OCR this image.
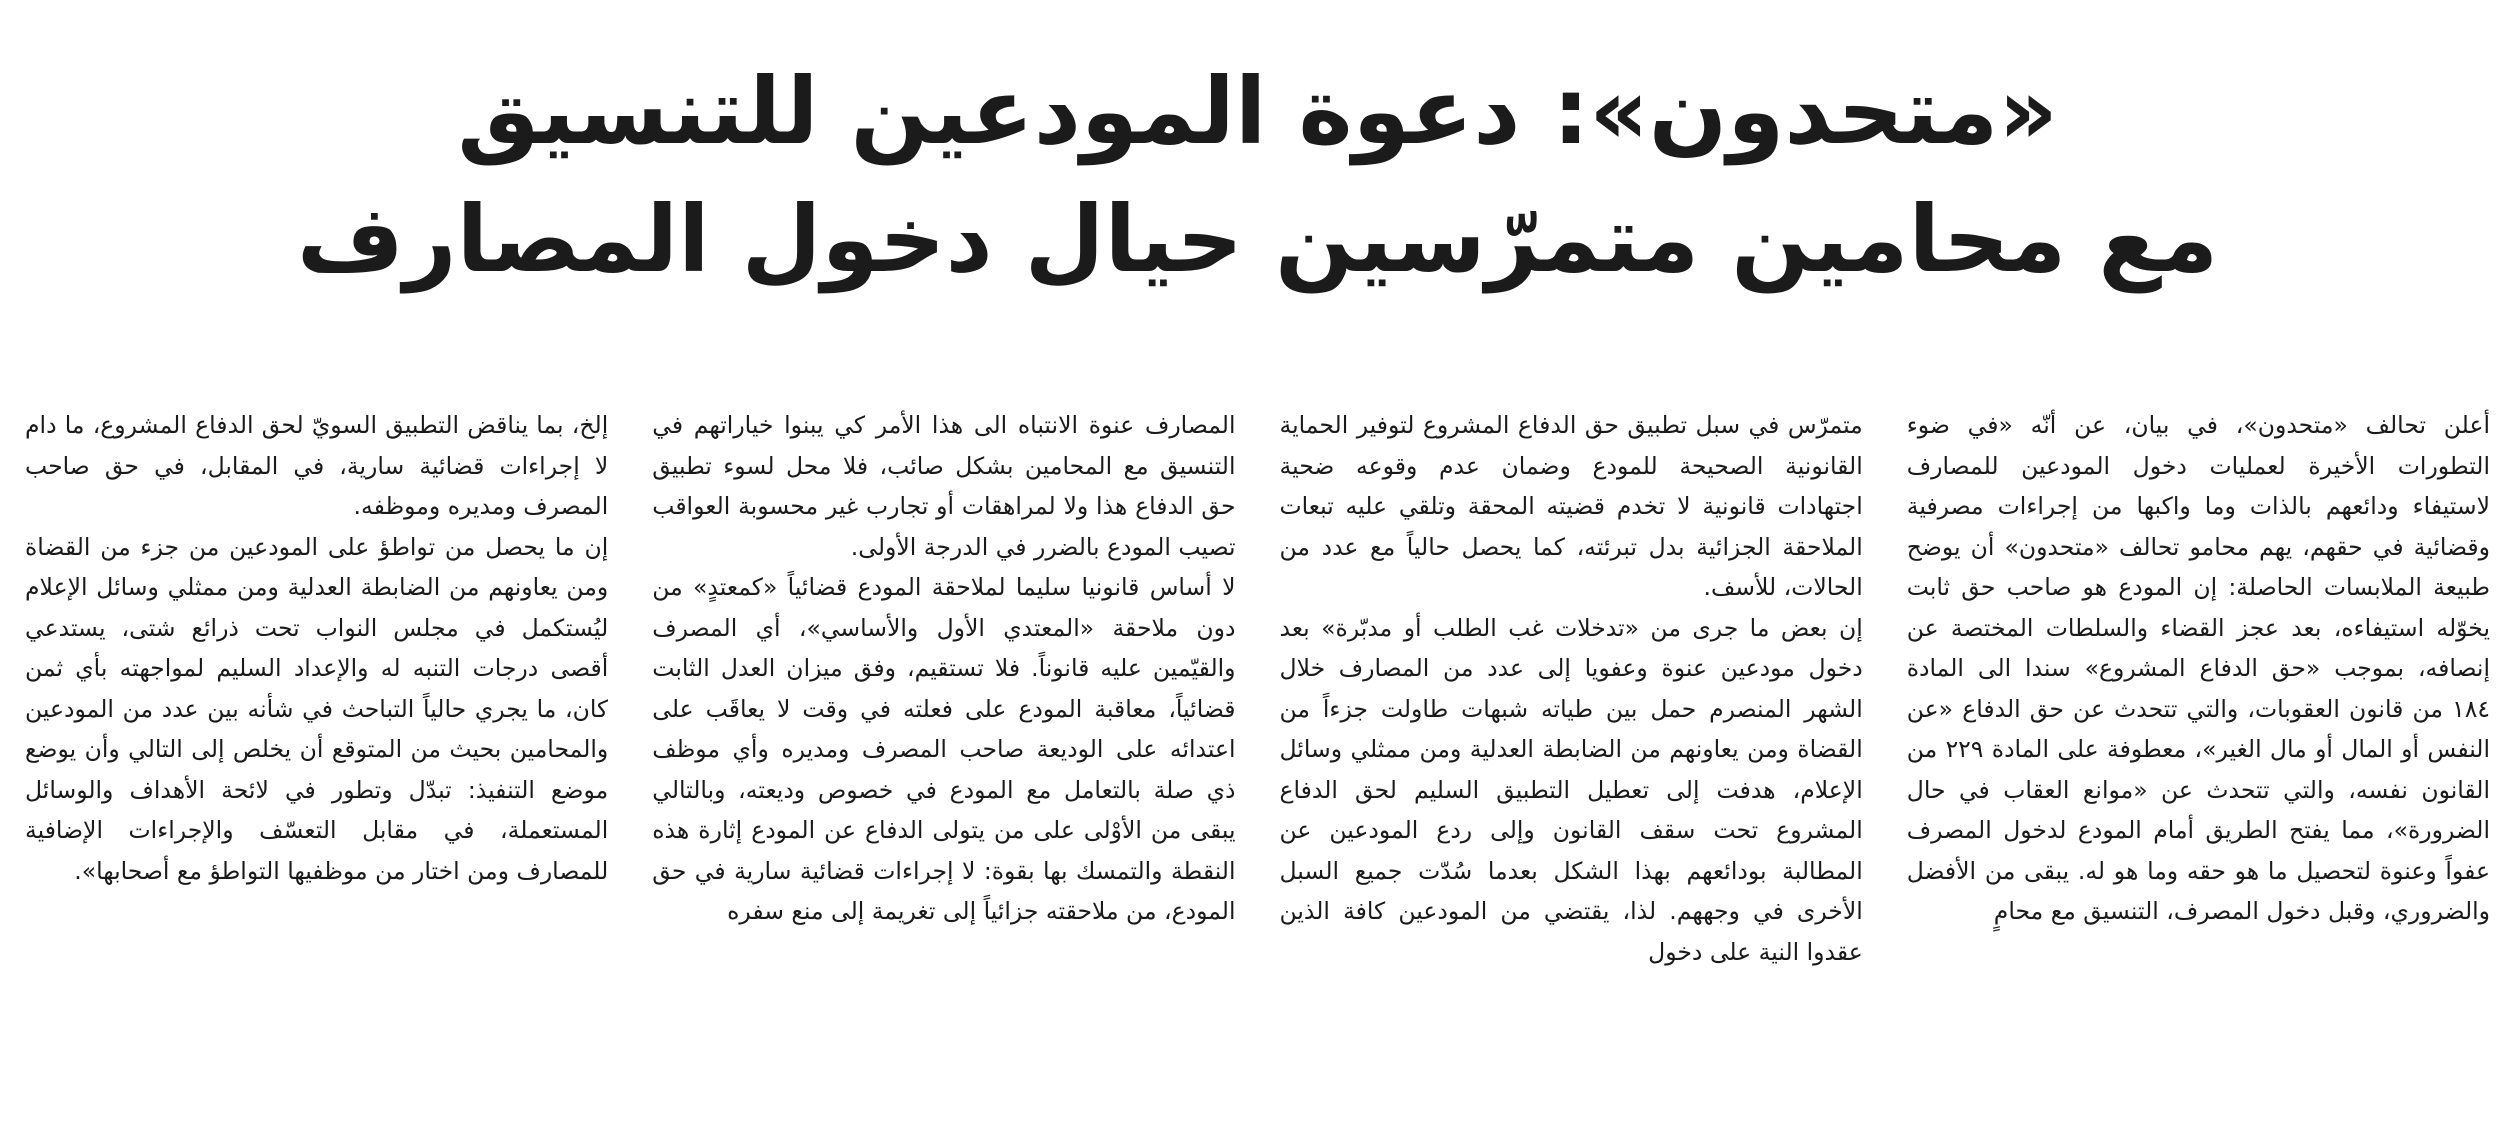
«متحدون»: دعوة المودعين للتنسيق
مع محامين متمرّسين حيال دخول المصارف

أعلن تحالف «متحدون»، في بيان، عن أنّه «في ضوء التطورات الأخيرة لعمليات دخول المودعين للمصارف لاستيفاء ودائعهم بالذات وما واكبها من إجراءات مصرفية وقضائية في حقهم، يهم محامو تحالف «متحدون» أن يوضح طبيعة الملابسات الحاصلة: إن المودع هو صاحب حق ثابت يخوّله استيفاءه، بعد عجز القضاء والسلطات المختصة عن إنصافه، بموجب «حق الدفاع المشروع» سندا الى المادة ١٨٤ من قانون العقوبات، والتي تتحدث عن حق الدفاع «عن النفس أو المال أو مال الغير»، معطوفة على المادة ٢٢٩ من القانون نفسه، والتي تتحدث عن «موانع العقاب في حال الضرورة»، مما يفتح الطريق أمام المودع لدخول المصرف عفواً وعنوة لتحصيل ما هو حقه وما هو له. يبقى من الأفضل والضروري، وقبل دخول المصرف، التنسيق مع محامٍ

متمرّس في سبل تطبيق حق الدفاع المشروع لتوفير الحماية القانونية الصحيحة للمودع وضمان عدم وقوعه ضحية اجتهادات قانونية لا تخدم قضيته المحقة وتلقي عليه تبعات الملاحقة الجزائية بدل تبرئته، كما يحصل حالياً مع عدد من الحالات، للأسف.

إن بعض ما جرى من «تدخلات غب الطلب أو مدبّرة» بعد دخول مودعين عنوة وعفويا إلى عدد من المصارف خلال الشهر المنصرم حمل بين طياته شبهات طاولت جزءاً من القضاة ومن يعاونهم من الضابطة العدلية ومن ممثلي وسائل الإعلام، هدفت إلى تعطيل التطبيق السليم لحق الدفاع المشروع تحت سقف القانون وإلى ردع المودعين عن المطالبة بودائعهم بهذا الشكل بعدما سُدّت جميع السبل الأخرى في وجههم. لذا، يقتضي من المودعين كافة الذين عقدوا النية على دخول

المصارف عنوة الانتباه الى هذا الأمر كي يبنوا خياراتهم في التنسيق مع المحامين بشكل صائب، فلا محل لسوء تطبيق حق الدفاع هذا ولا لمراهقات أو تجارب غير محسوبة العواقب تصيب المودع بالضرر في الدرجة الأولى.

لا أساس قانونيا سليما لملاحقة المودع قضائياً «كمعتدٍ» من دون ملاحقة «المعتدي الأول والأساسي»، أي المصرف والقيّمين عليه قانوناً. فلا تستقيم، وفق ميزان العدل الثابت قضائياً، معاقبة المودع على فعلته في وقت لا يعاقَب على اعتدائه على الوديعة صاحب المصرف ومديره وأي موظف ذي صلة بالتعامل مع المودع في خصوص وديعته، وبالتالي يبقى من الأوْلى على من يتولى الدفاع عن المودع إثارة هذه النقطة والتمسك بها بقوة: لا إجراءات قضائية سارية في حق المودع، من ملاحقته جزائياً إلى تغريمة إلى منع سفره

إلخ، بما يناقض التطبيق السويّ لحق الدفاع المشروع، ما دام لا إجراءات قضائية سارية، في المقابل، في حق صاحب المصرف ومديره وموظفه.

إن ما يحصل من تواطؤ على المودعين من جزء من القضاة ومن يعاونهم من الضابطة العدلية ومن ممثلي وسائل الإعلام ليُستكمل في مجلس النواب تحت ذرائع شتى، يستدعي أقصى درجات التنبه له والإعداد السليم لمواجهته بأي ثمن كان، ما يجري حالياً التباحث في شأنه بين عدد من المودعين والمحامين بحيث من المتوقع أن يخلص إلى التالي وأن يوضع موضع التنفيذ: تبدّل وتطور في لائحة الأهداف والوسائل المستعملة، في مقابل التعسّف والإجراءات الإضافية للمصارف ومن اختار من موظفيها التواطؤ مع أصحابها».
